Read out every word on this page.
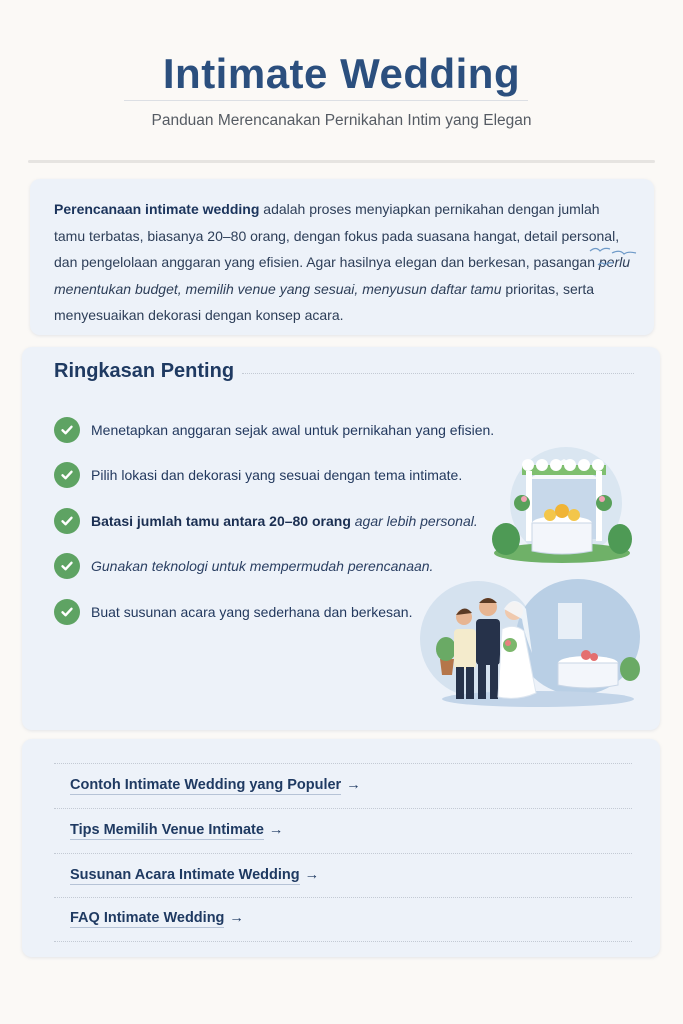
Intimate Wedding

Panduan Merencanakan Pernikahan Intim yang Elegan

Perencanaan intimate wedding adalah proses menyiapkan pernikahan dengan jumlah tamu terbatas, biasanya 20–80 orang, dengan fokus pada suasana hangat, detail personal, dan pengelolaan anggaran yang efisien. Agar hasilnya elegan dan berkesan, pasangan perlu menentukan budget, memilih venue yang sesuai, menyusun daftar tamu prioritas, serta menyesuaikan dekorasi dengan konsep acara.

Ringkasan Penting
Menetapkan anggaran sejak awal untuk pernikahan yang efisien.
Pilih lokasi dan dekorasi yang sesuai dengan tema intimate.
Batasi jumlah tamu antara 20–80 orang agar lebih personal.
Gunakan teknologi untuk mempermudah perencanaan.
Buat susunan acara yang sederhana dan berkesan.
Contoh Intimate Wedding yang Populer →
Tips Memilih Venue Intimate →
Susunan Acara Intimate Wedding →
FAQ Intimate Wedding →
